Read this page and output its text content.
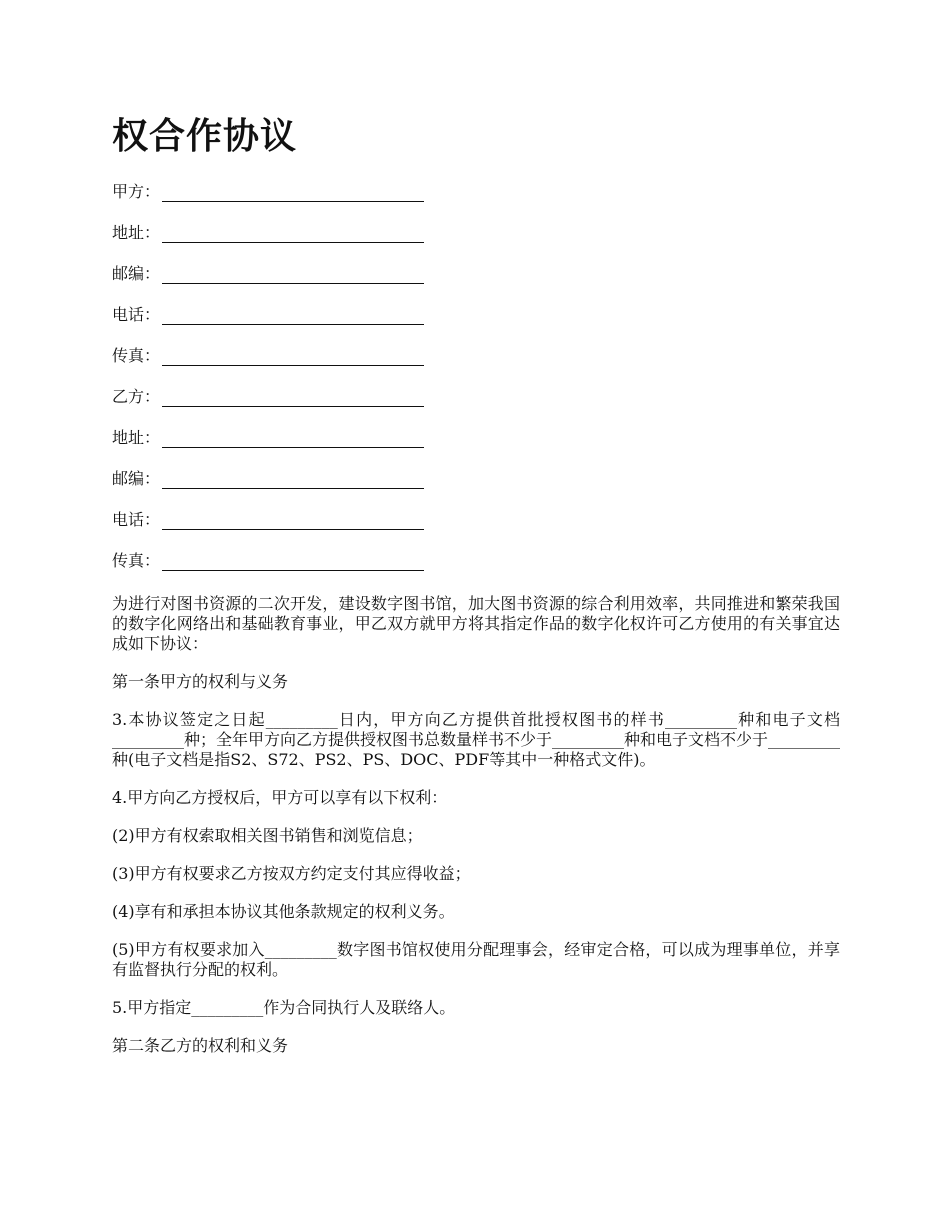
权合作协议
甲方：
地址：
邮编：
电话：
传真：
乙方：
地址：
邮编：
电话：
传真：

为进行对图书资源的二次开发，建设数字图书馆，加大图书资源的综合利用效率，共同推进和繁荣我国的数字化网络出和基础教育事业，甲乙双方就甲方将其指定作品的数字化权许可乙方使用的有关事宜达成如下协议：

第一条甲方的权利与义务

3.本协议签定之日起_________日内，甲方向乙方提供首批授权图书的样书_________种和电子文档_________种；全年甲方向乙方提供授权图书总数量样书不少于_________种和电子文档不少于_________种(电子文档是指S2、S72、PS2、PS、DOC、PDF等其中一种格式文件)。

4.甲方向乙方授权后，甲方可以享有以下权利：

(2)甲方有权索取相关图书销售和浏览信息；

(3)甲方有权要求乙方按双方约定支付其应得收益；

(4)享有和承担本协议其他条款规定的权利义务。

(5)甲方有权要求加入_________数字图书馆权使用分配理事会，经审定合格，可以成为理事单位，并享有监督执行分配的权利。

5.甲方指定_________作为合同执行人及联络人。

第二条乙方的权利和义务
